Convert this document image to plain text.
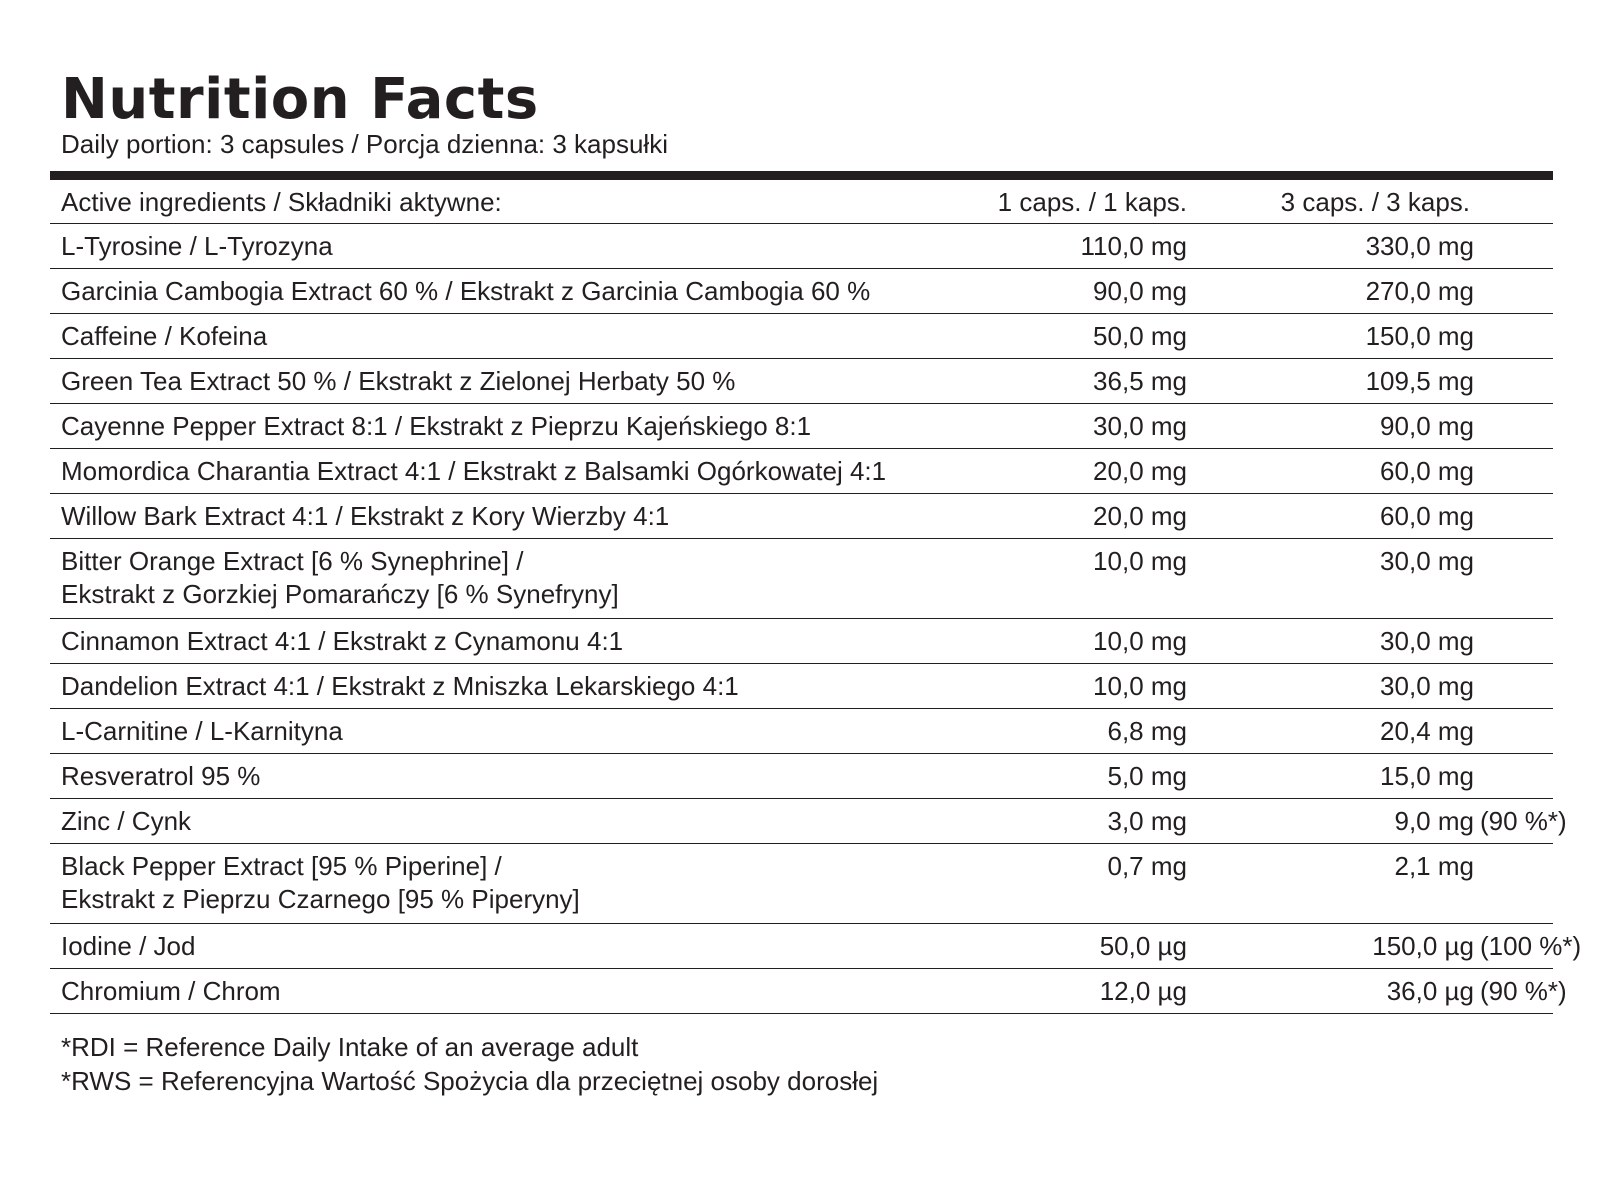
Nutrition Facts
Daily portion: 3 capsules / Porcja dzienna: 3 kapsułki
Active ingredients / Składniki aktywne:	1 caps. / 1 kaps.	3 caps. / 3 kaps.
L-Tyrosine / L-Tyrozyna	110,0 mg	330,0 mg
Garcinia Cambogia Extract 60 % / Ekstrakt z Garcinia Cambogia 60 %	90,0 mg	270,0 mg
Caffeine / Kofeina	50,0 mg	150,0 mg
Green Tea Extract 50 % / Ekstrakt z Zielonej Herbaty 50 %	36,5 mg	109,5 mg
Cayenne Pepper Extract 8:1 / Ekstrakt z Pieprzu Kajeńskiego 8:1	30,0 mg	90,0 mg
Momordica Charantia Extract 4:1 / Ekstrakt z Balsamki Ogórkowatej 4:1	20,0 mg	60,0 mg
Willow Bark Extract 4:1 / Ekstrakt z Kory Wierzby 4:1	20,0 mg	60,0 mg
Bitter Orange Extract [6 % Synephrine] /
Ekstrakt z Gorzkiej Pomarańczy [6 % Synefryny]
10,0 mg	30,0 mg
Cinnamon Extract 4:1 / Ekstrakt z Cynamonu 4:1	10,0 mg	30,0 mg
Dandelion Extract 4:1 / Ekstrakt z Mniszka Lekarskiego 4:1	10,0 mg	30,0 mg
L-Carnitine / L-Karnityna	6,8 mg	20,4 mg
Resveratrol 95 %	5,0 mg	15,0 mg
Zinc / Cynk	3,0 mg	9,0 mg (90 %*)
Black Pepper Extract [95 % Piperine] /
Ekstrakt z Pieprzu Czarnego [95 % Piperyny]
0,7 mg	2,1 mg
Iodine / Jod	50,0 µg	150,0 µg (100 %*)
Chromium / Chrom	12,0 µg	36,0 µg (90 %*)
*RDI = Reference Daily Intake of an average adult
*RWS = Referencyjna Wartość Spożycia dla przeciętnej osoby dorosłej
